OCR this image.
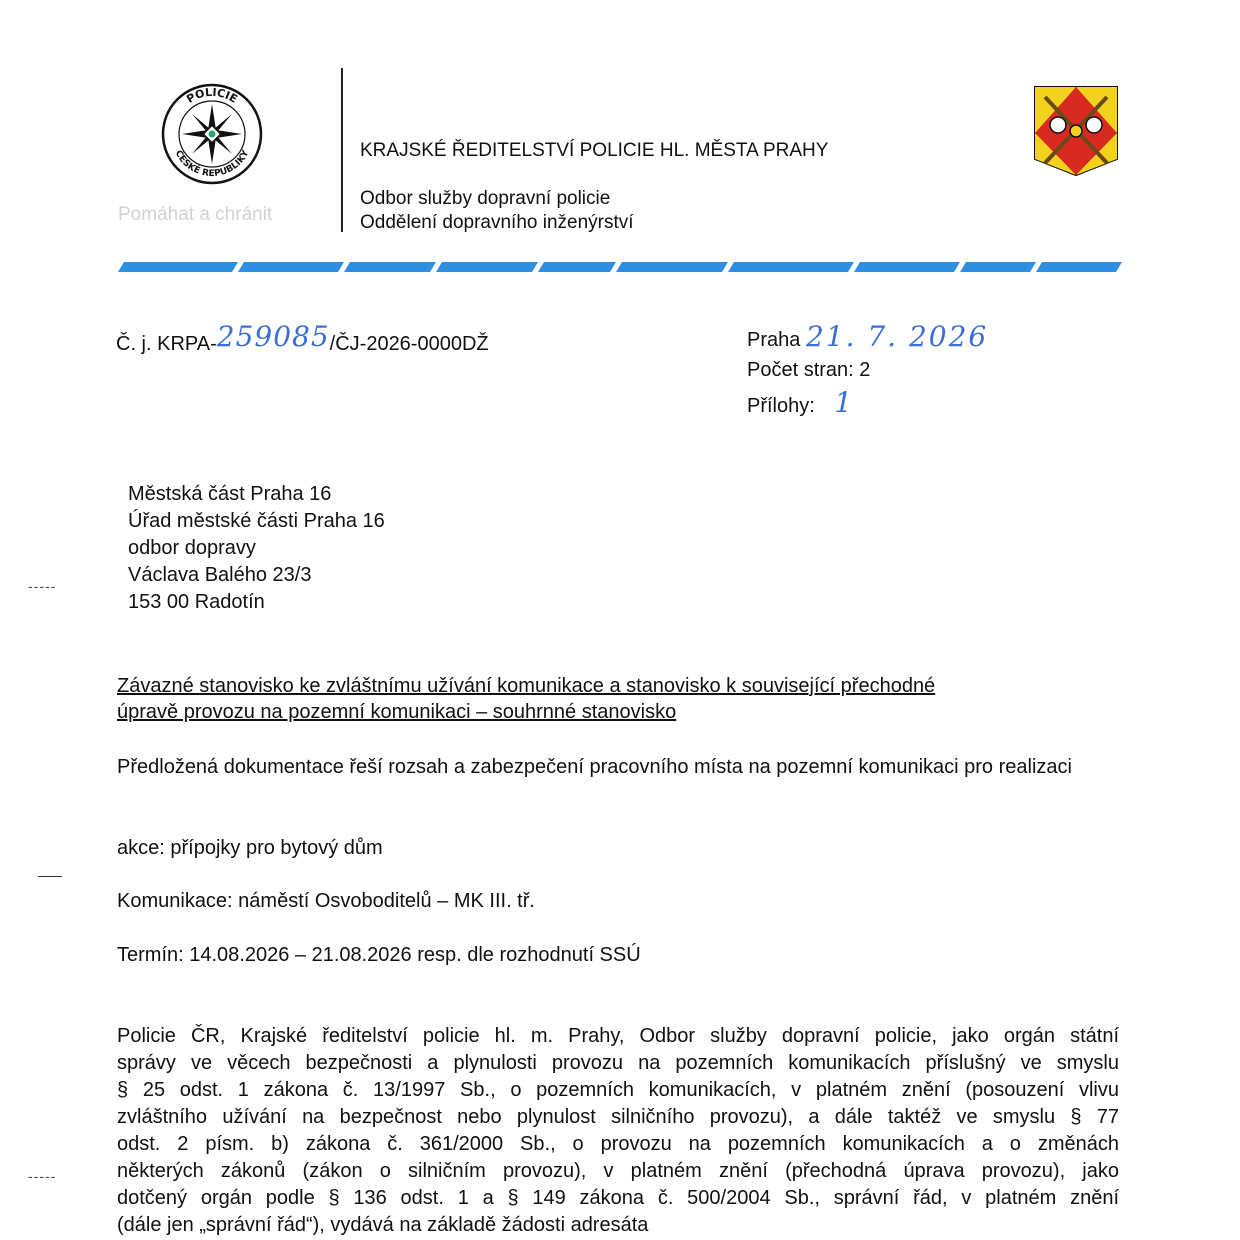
POLICIE
ČESKÉ REPUBLIKY
Pomáhat a chránit
KRAJSKÉ ŘEDITELSTVÍ POLICIE HL. MĚSTA PRAHY
Odbor služby dopravní policie
Oddělení dopravního inženýrství
Č. j. KRPA-259085/ČJ-2026-0000DŽ	Praha 21. 7. 2026
Počet stran: 2
Přílohy: 1
Městská část Praha 16
Úřad městské části Praha 16
odbor dopravy
Václava Balého 23/3
153 00 Radotín
-----
-----
Závazné stanovisko ke zvláštnímu užívání komunikace a stanovisko k související přechodné
úpravě provozu na pozemní komunikaci – souhrnné stanovisko
Předložená dokumentace řeší rozsah a zabezpečení pracovního místa na pozemní komunikaci pro realizaci
akce: přípojky pro bytový dům
Komunikace: náměstí Osvoboditelů – MK III. tř.
Termín: 14.08.2026 – 21.08.2026 resp. dle rozhodnutí SSÚ
Policie ČR, Krajské ředitelství policie hl. m. Prahy, Odbor služby dopravní policie, jako orgán státní
správy ve věcech bezpečnosti a plynulosti provozu na pozemních komunikacích příslušný ve smyslu
§ 25 odst. 1 zákona č. 13/1997 Sb., o pozemních komunikacích, v platném znění (posouzení vlivu
zvláštního užívání na bezpečnost nebo plynulost silničního provozu), a dále taktéž ve smyslu § 77
odst. 2 písm. b) zákona č. 361/2000 Sb., o provozu na pozemních komunikacích a o změnách
některých zákonů (zákon o silničním provozu), v platném znění (přechodná úprava provozu), jako
dotčený orgán podle § 136 odst. 1 a § 149 zákona č. 500/2004 Sb., správní řád, v platném znění
(dále jen „správní řád“), vydává na základě žádosti adresáta
